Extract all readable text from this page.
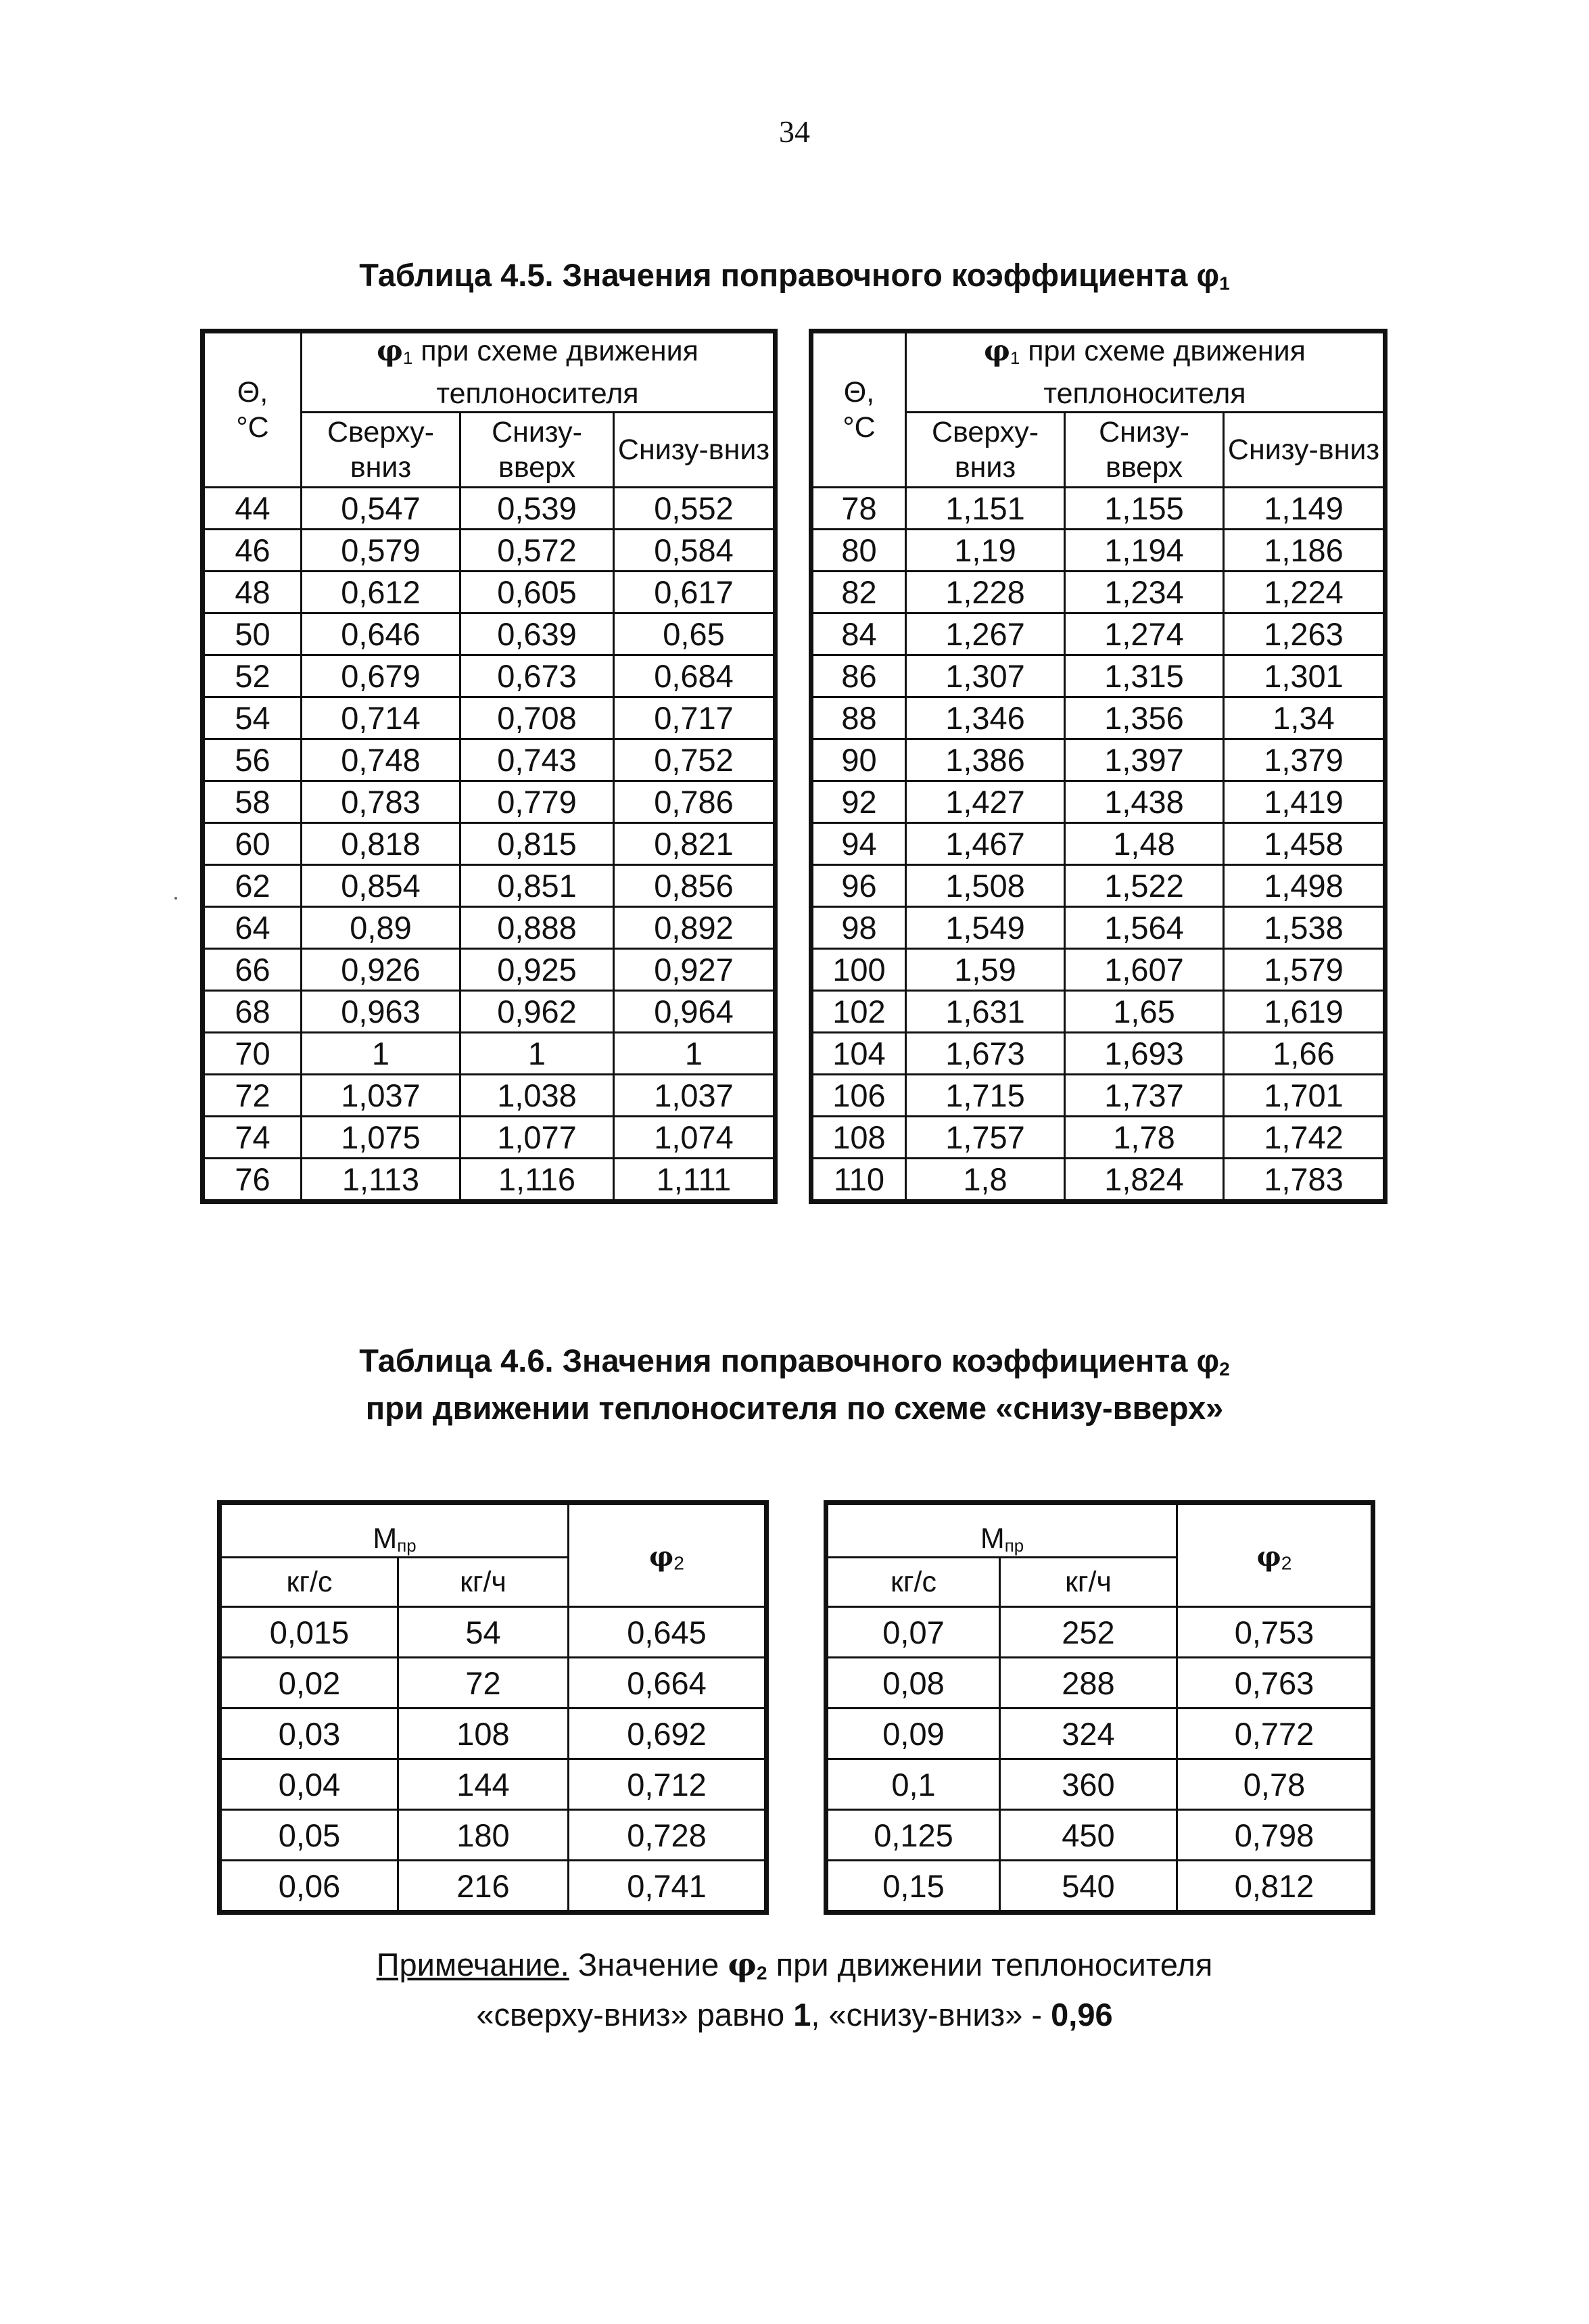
34
Таблица 4.5. Значения поправочного коэффициента $\varphi_1$
Θ,
°С	$\varphi_1$ при схеме движения теплоносителя		
	Сверху-вниз	Снизу-вверх	Снизу-вниз
44	0,547	0,539	0,552
46	0,579	0,572	0,584
48	0,612	0,605	0,617
50	0,646	0,639	0,65
52	0,679	0,673	0,684
54	0,714	0,708	0,717
56	0,748	0,743	0,752
58	0,783	0,779	0,786
60	0,818	0,815	0,821
62	0,854	0,851	0,856
64	0,89	0,888	0,892
66	0,926	0,925	0,927
68	0,963	0,962	0,964
70	1	1	1
72	1,037	1,038	1,037
74	1,075	1,077	1,074
76	1,113	1,116	1,111
Θ,
°С	$\varphi_1$ при схеме движения теплоносителя		
	Сверху-вниз	Снизу-вверх	Снизу-вниз
78	1,151	1,155	1,149
80	1,19	1,194	1,186
82	1,228	1,234	1,224
84	1,267	1,274	1,263
86	1,307	1,315	1,301
88	1,346	1,356	1,34
90	1,386	1,397	1,379
92	1,427	1,438	1,419
94	1,467	1,48	1,458
96	1,508	1,522	1,498
98	1,549	1,564	1,538
100	1,59	1,607	1,579
102	1,631	1,65	1,619
104	1,673	1,693	1,66
106	1,715	1,737	1,701
108	1,757	1,78	1,742
110	1,8	1,824	1,783
Таблица 4.6. Значения поправочного коэффициента $\varphi_2$
при движении теплоносителя по схеме «снизу-вверх»
$М_{пр}$		$\varphi_2$
кг/с	кг/ч	
0,015	54	0,645
0,02	72	0,664
0,03	108	0,692
0,04	144	0,712
0,05	180	0,728
0,06	216	0,741
$М_{пр}$		$\varphi_2$
кг/с	кг/ч	
0,07	252	0,753
0,08	288	0,763
0,09	324	0,772
0,1	360	0,78
0,125	450	0,798
0,15	540	0,812
Примечание. Значение $\varphi_2$ при движении теплоносителя
«сверху-вниз» равно 1, «снизу-вниз» - 0,96
